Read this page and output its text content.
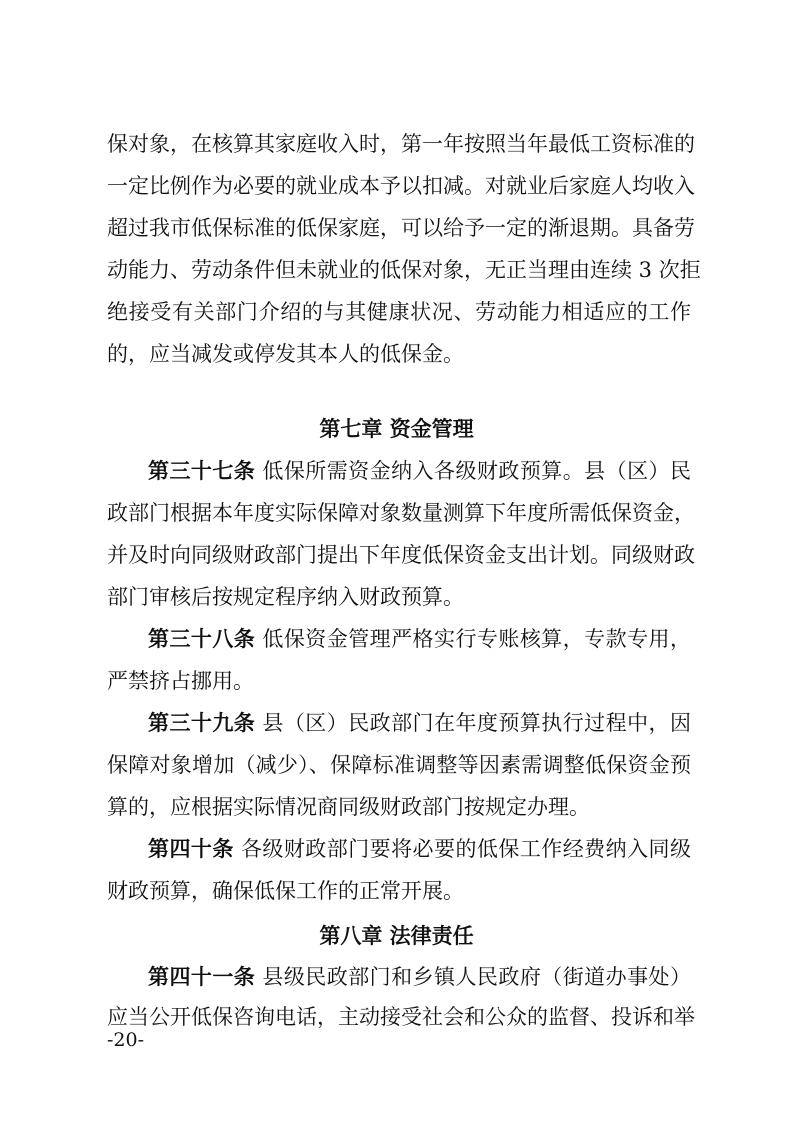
保对象，在核算其家庭收入时，第一年按照当年最低工资标准的
一定比例作为必要的就业成本予以扣减。对就业后家庭人均收入
超过我市低保标准的低保家庭，可以给予一定的渐退期。具备劳
动能力、劳动条件但未就业的低保对象，无正当理由连续 3 次拒
绝接受有关部门介绍的与其健康状况、劳动能力相适应的工作
的，应当减发或停发其本人的低保金。
第七章 资金管理
第三十七条 低保所需资金纳入各级财政预算。县（区）民
政部门根据本年度实际保障对象数量测算下年度所需低保资金，
并及时向同级财政部门提出下年度低保资金支出计划。同级财政
部门审核后按规定程序纳入财政预算。
第三十八条 低保资金管理严格实行专账核算，专款专用，
严禁挤占挪用。
第三十九条 县（区）民政部门在年度预算执行过程中，因
保障对象增加（减少）、保障标准调整等因素需调整低保资金预
算的，应根据实际情况商同级财政部门按规定办理。
第四十条 各级财政部门要将必要的低保工作经费纳入同级
财政预算，确保低保工作的正常开展。
第八章 法律责任
第四十一条 县级民政部门和乡镇人民政府（街道办事处）
应当公开低保咨询电话，主动接受社会和公众的监督、投诉和举
-20-
